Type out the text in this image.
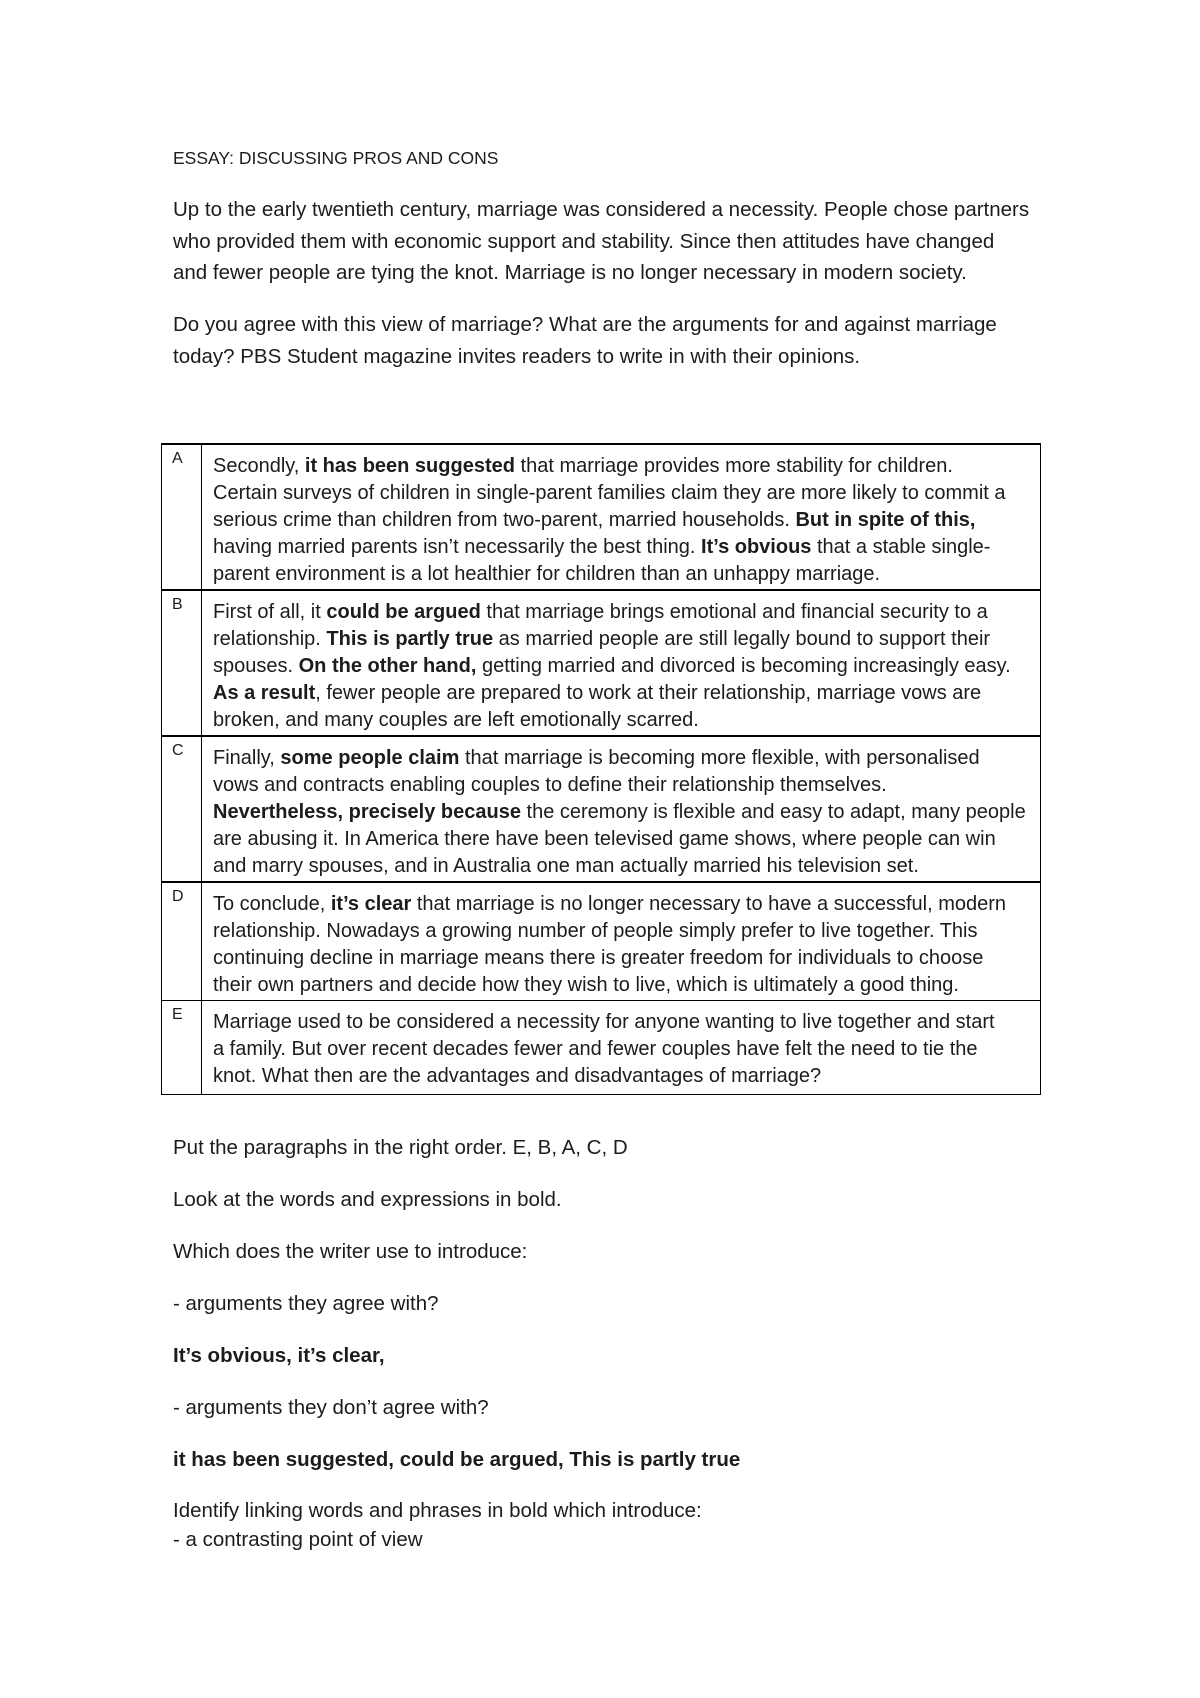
ESSAY: DISCUSSING PROS AND CONS
Up to the early twentieth century, marriage was considered a necessity. People chose partners
who provided them with economic support and stability. Since then attitudes have changed
and fewer people are tying the knot. Marriage is no longer necessary in modern society.
Do you agree with this view of marriage? What are the arguments for and against marriage
today? PBS Student magazine invites readers to write in with their opinions.
A	Secondly, it has been suggested that marriage provides more stability for children.
Certain surveys of children in single-parent families claim they are more likely to commit a
serious crime than children from two-parent, married households. But in spite of this,
having married parents isn’t necessarily the best thing. It’s obvious that a stable single-
parent environment is a lot healthier for children than an unhappy marriage.

B	First of all, it could be argued that marriage brings emotional and financial security to a
relationship. This is partly true as married people are still legally bound to support their
spouses. On the other hand, getting married and divorced is becoming increasingly easy.
As a result, fewer people are prepared to work at their relationship, marriage vows are
broken, and many couples are left emotionally scarred.

C	Finally, some people claim that marriage is becoming more flexible, with personalised
vows and contracts enabling couples to define their relationship themselves.
Nevertheless, precisely because the ceremony is flexible and easy to adapt, many people
are abusing it. In America there have been televised game shows, where people can win
and marry spouses, and in Australia one man actually married his television set.

D	To conclude, it’s clear that marriage is no longer necessary to have a successful, modern
relationship. Nowadays a growing number of people simply prefer to live together. This
continuing decline in marriage means there is greater freedom for individuals to choose
their own partners and decide how they wish to live, which is ultimately a good thing.

E	Marriage used to be considered a necessity for anyone wanting to live together and start
a family. But over recent decades fewer and fewer couples have felt the need to tie the
knot. What then are the advantages and disadvantages of marriage?

Put the paragraphs in the right order. E, B, A, C, D

Look at the words and expressions in bold.

Which does the writer use to introduce:

- arguments they agree with?

It’s obvious, it’s clear,

- arguments they don’t agree with?

it has been suggested, could be argued, This is partly true

Identify linking words and phrases in bold which introduce:
- a contrasting point of view
